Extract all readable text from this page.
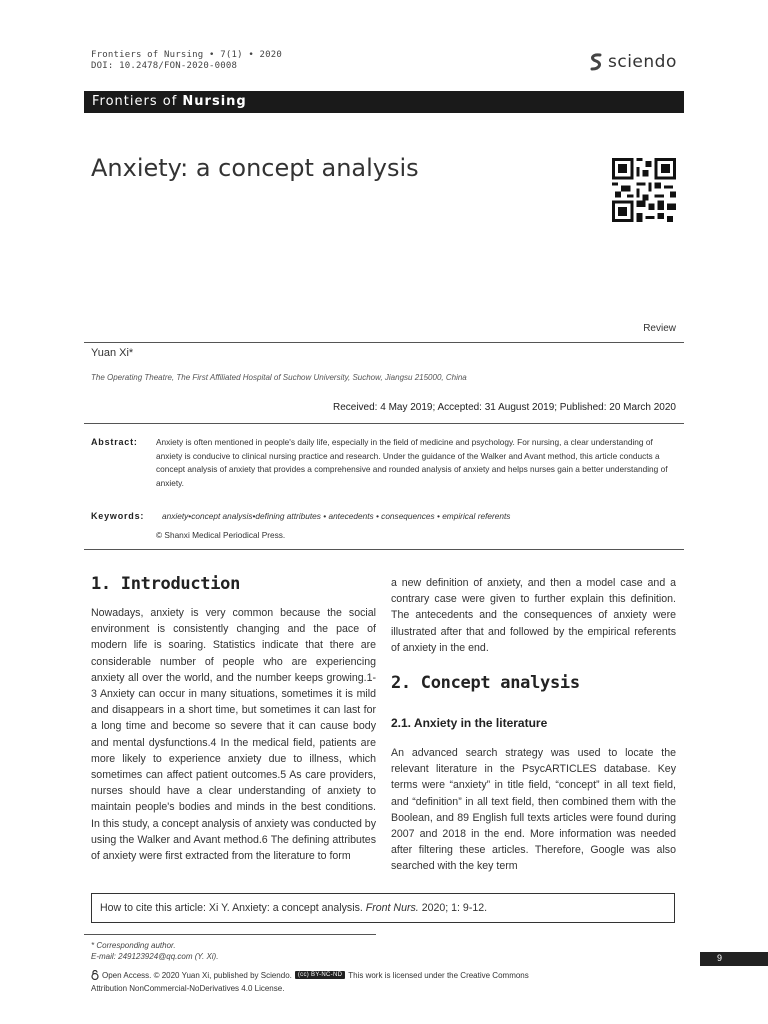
Frontiers of Nursing • 7(1) • 2020
DOI: 10.2478/FON-2020-0008	sciendo
Frontiers of Nursing
Anxiety: a concept analysis
Review
Yuan Xi*
The Operating Theatre, The First Affiliated Hospital of Suchow University, Suchow, Jiangsu 215000, China
Received: 4 May 2019; Accepted: 31 August 2019; Published: 20 March 2020
Abstract: Anxiety is often mentioned in people's daily life, especially in the field of medicine and psychology. For nursing, a clear understanding of anxiety is conducive to clinical nursing practice and research. Under the guidance of the Walker and Avant method, this article conducts a concept analysis of anxiety that provides a comprehensive and rounded analysis of anxiety and helps nurses gain a better understanding of anxiety.
Keywords: anxiety•concept analysis•defining attributes • antecedents • consequences • empirical referents
© Shanxi Medical Periodical Press.
1. Introduction
Nowadays, anxiety is very common because the social environment is consistently changing and the pace of modern life is soaring. Statistics indicate that there are considerable number of people who are experiencing anxiety all over the world, and the number keeps growing.1-3 Anxiety can occur in many situations, sometimes it is mild and disappears in a short time, but sometimes it can last for a long time and become so severe that it can cause body and mental dysfunctions.4 In the medical field, patients are more likely to experience anxiety due to illness, which sometimes can affect patient outcomes.5 As care providers, nurses should have a clear understanding of anxiety to maintain people's bodies and minds in the best conditions. In this study, a concept analysis of anxiety was conducted by using the Walker and Avant method.6 The defining attributes of anxiety were first extracted from the literature to form
a new definition of anxiety, and then a model case and a contrary case were given to further explain this definition. The antecedents and the consequences of anxiety were illustrated after that and followed by the empirical referents of anxiety in the end.
2. Concept analysis
2.1. Anxiety in the literature
An advanced search strategy was used to locate the relevant literature in the PsycARTICLES database. Key terms were “anxiety” in title field, “concept” in all text field, and “definition” in all text field, then combined them with the Boolean, and 89 English full texts articles were found during 2007 and 2018 in the end. More information was needed after filtering these articles. Therefore, Google was also searched with the key term
How to cite this article: Xi Y. Anxiety: a concept analysis. Front Nurs. 2020; 1: 9-12.
* Corresponding author.
E-mail: 249123924@qq.com (Y. Xi).
Open Access. © 2020 Yuan Xi, published by Sciendo.	(cc) BY-NC-ND This work is licensed under the Creative Commons
Attribution NonCommercial-NoDerivatives 4.0 License.
9
